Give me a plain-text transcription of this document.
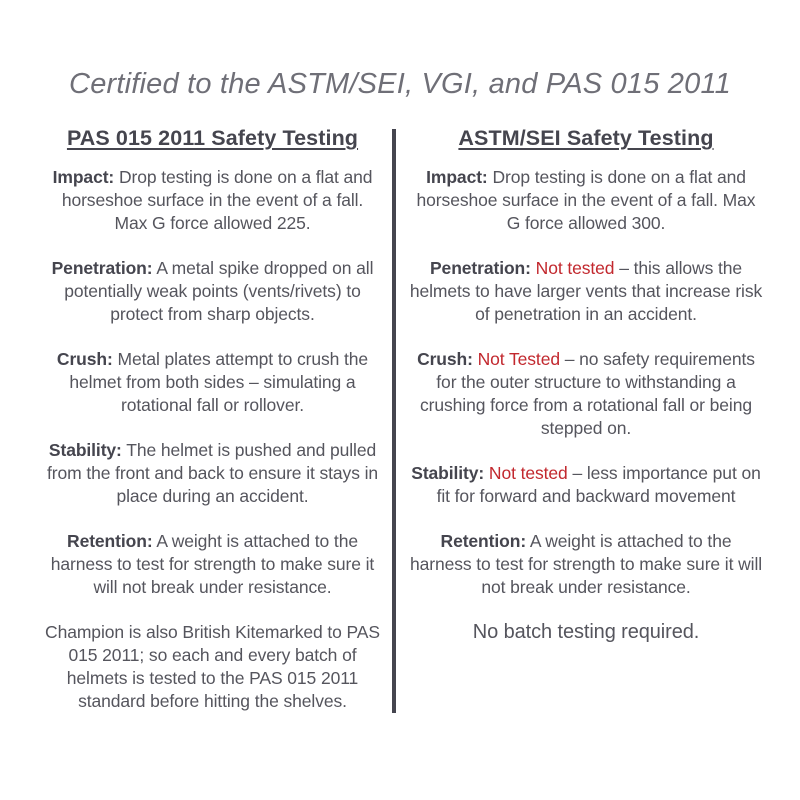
Certified to the ASTM/SEI, VGI, and PAS 015 2011
PAS 015 2011 Safety Testing

Impact: Drop testing is done on a flat and horseshoe surface in the event of a fall. Max G force allowed 225.

Penetration: A metal spike dropped on all potentially weak points (vents/rivets) to protect from sharp objects.

Crush: Metal plates attempt to crush the helmet from both sides – simulating a rotational fall or rollover.

Stability: The helmet is pushed and pulled from the front and back to ensure it stays in place during an accident.

Retention: A weight is attached to the harness to test for strength to make sure it will not break under resistance.

Champion is also British Kitemarked to PAS 015 2011; so each and every batch of helmets is tested to the PAS 015 2011 standard before hitting the shelves.

ASTM/SEI Safety Testing

Impact: Drop testing is done on a flat and horseshoe surface in the event of a fall. Max G force allowed 300.

Penetration: Not tested – this allows the helmets to have larger vents that increase risk of penetration in an accident.

Crush: Not Tested – no safety requirements for the outer structure to withstanding a crushing force from a rotational fall or being stepped on.

Stability: Not tested – less importance put on fit for forward and backward movement

Retention: A weight is attached to the harness to test for strength to make sure it will not break under resistance.

No batch testing required.
